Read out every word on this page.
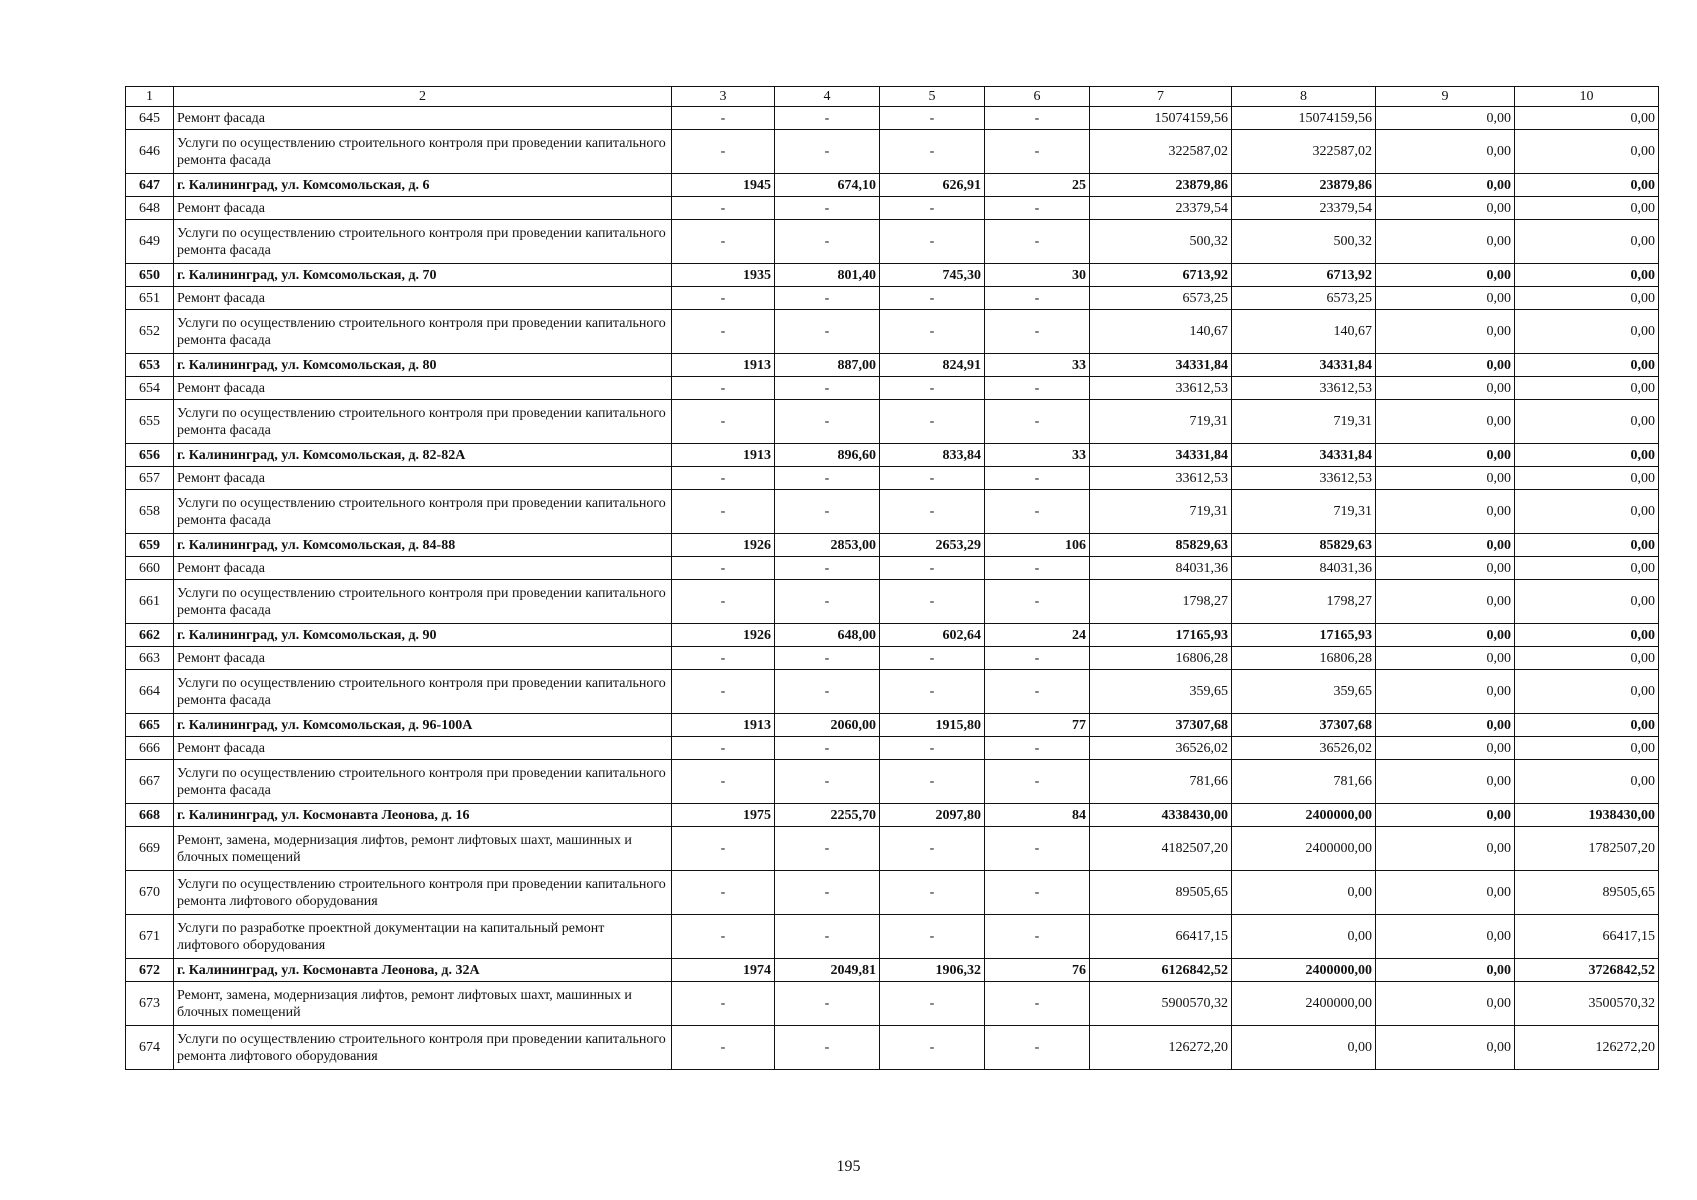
1	2	3	4	5	6	7	8	9	10
645	Ремонт фасада	-	-	-	-	15074159,56	15074159,56	0,00	0,00
646	Услуги по осуществлению строительного контроля при проведении капитального ремонта фасада	-	-	-	-	322587,02	322587,02	0,00	0,00
647	г. Калининград, ул. Комсомольская, д. 6	1945	674,10	626,91	25	23879,86	23879,86	0,00	0,00
648	Ремонт фасада	-	-	-	-	23379,54	23379,54	0,00	0,00
649	Услуги по осуществлению строительного контроля при проведении капитального ремонта фасада	-	-	-	-	500,32	500,32	0,00	0,00
650	г. Калининград, ул. Комсомольская, д. 70	1935	801,40	745,30	30	6713,92	6713,92	0,00	0,00
651	Ремонт фасада	-	-	-	-	6573,25	6573,25	0,00	0,00
652	Услуги по осуществлению строительного контроля при проведении капитального ремонта фасада	-	-	-	-	140,67	140,67	0,00	0,00
653	г. Калининград, ул. Комсомольская, д. 80	1913	887,00	824,91	33	34331,84	34331,84	0,00	0,00
654	Ремонт фасада	-	-	-	-	33612,53	33612,53	0,00	0,00
655	Услуги по осуществлению строительного контроля при проведении капитального ремонта фасада	-	-	-	-	719,31	719,31	0,00	0,00
656	г. Калининград, ул. Комсомольская, д. 82-82А	1913	896,60	833,84	33	34331,84	34331,84	0,00	0,00
657	Ремонт фасада	-	-	-	-	33612,53	33612,53	0,00	0,00
658	Услуги по осуществлению строительного контроля при проведении капитального ремонта фасада	-	-	-	-	719,31	719,31	0,00	0,00
659	г. Калининград, ул. Комсомольская, д. 84-88	1926	2853,00	2653,29	106	85829,63	85829,63	0,00	0,00
660	Ремонт фасада	-	-	-	-	84031,36	84031,36	0,00	0,00
661	Услуги по осуществлению строительного контроля при проведении капитального ремонта фасада	-	-	-	-	1798,27	1798,27	0,00	0,00
662	г. Калининград, ул. Комсомольская, д. 90	1926	648,00	602,64	24	17165,93	17165,93	0,00	0,00
663	Ремонт фасада	-	-	-	-	16806,28	16806,28	0,00	0,00
664	Услуги по осуществлению строительного контроля при проведении капитального ремонта фасада	-	-	-	-	359,65	359,65	0,00	0,00
665	г. Калининград, ул. Комсомольская, д. 96-100А	1913	2060,00	1915,80	77	37307,68	37307,68	0,00	0,00
666	Ремонт фасада	-	-	-	-	36526,02	36526,02	0,00	0,00
667	Услуги по осуществлению строительного контроля при проведении капитального ремонта фасада	-	-	-	-	781,66	781,66	0,00	0,00
668	г. Калининград, ул. Космонавта Леонова, д. 16	1975	2255,70	2097,80	84	4338430,00	2400000,00	0,00	1938430,00
669	Ремонт, замена, модернизация лифтов, ремонт лифтовых шахт, машинных и блочных помещений	-	-	-	-	4182507,20	2400000,00	0,00	1782507,20
670	Услуги по осуществлению строительного контроля при проведении капитального ремонта лифтового оборудования	-	-	-	-	89505,65	0,00	0,00	89505,65
671	Услуги по разработке проектной документации на капитальный ремонт лифтового оборудования	-	-	-	-	66417,15	0,00	0,00	66417,15
672	г. Калининград, ул. Космонавта Леонова, д. 32А	1974	2049,81	1906,32	76	6126842,52	2400000,00	0,00	3726842,52
673	Ремонт, замена, модернизация лифтов, ремонт лифтовых шахт, машинных и блочных помещений	-	-	-	-	5900570,32	2400000,00	0,00	3500570,32
674	Услуги по осуществлению строительного контроля при проведении капитального ремонта лифтового оборудования	-	-	-	-	126272,20	0,00	0,00	126272,20
195
